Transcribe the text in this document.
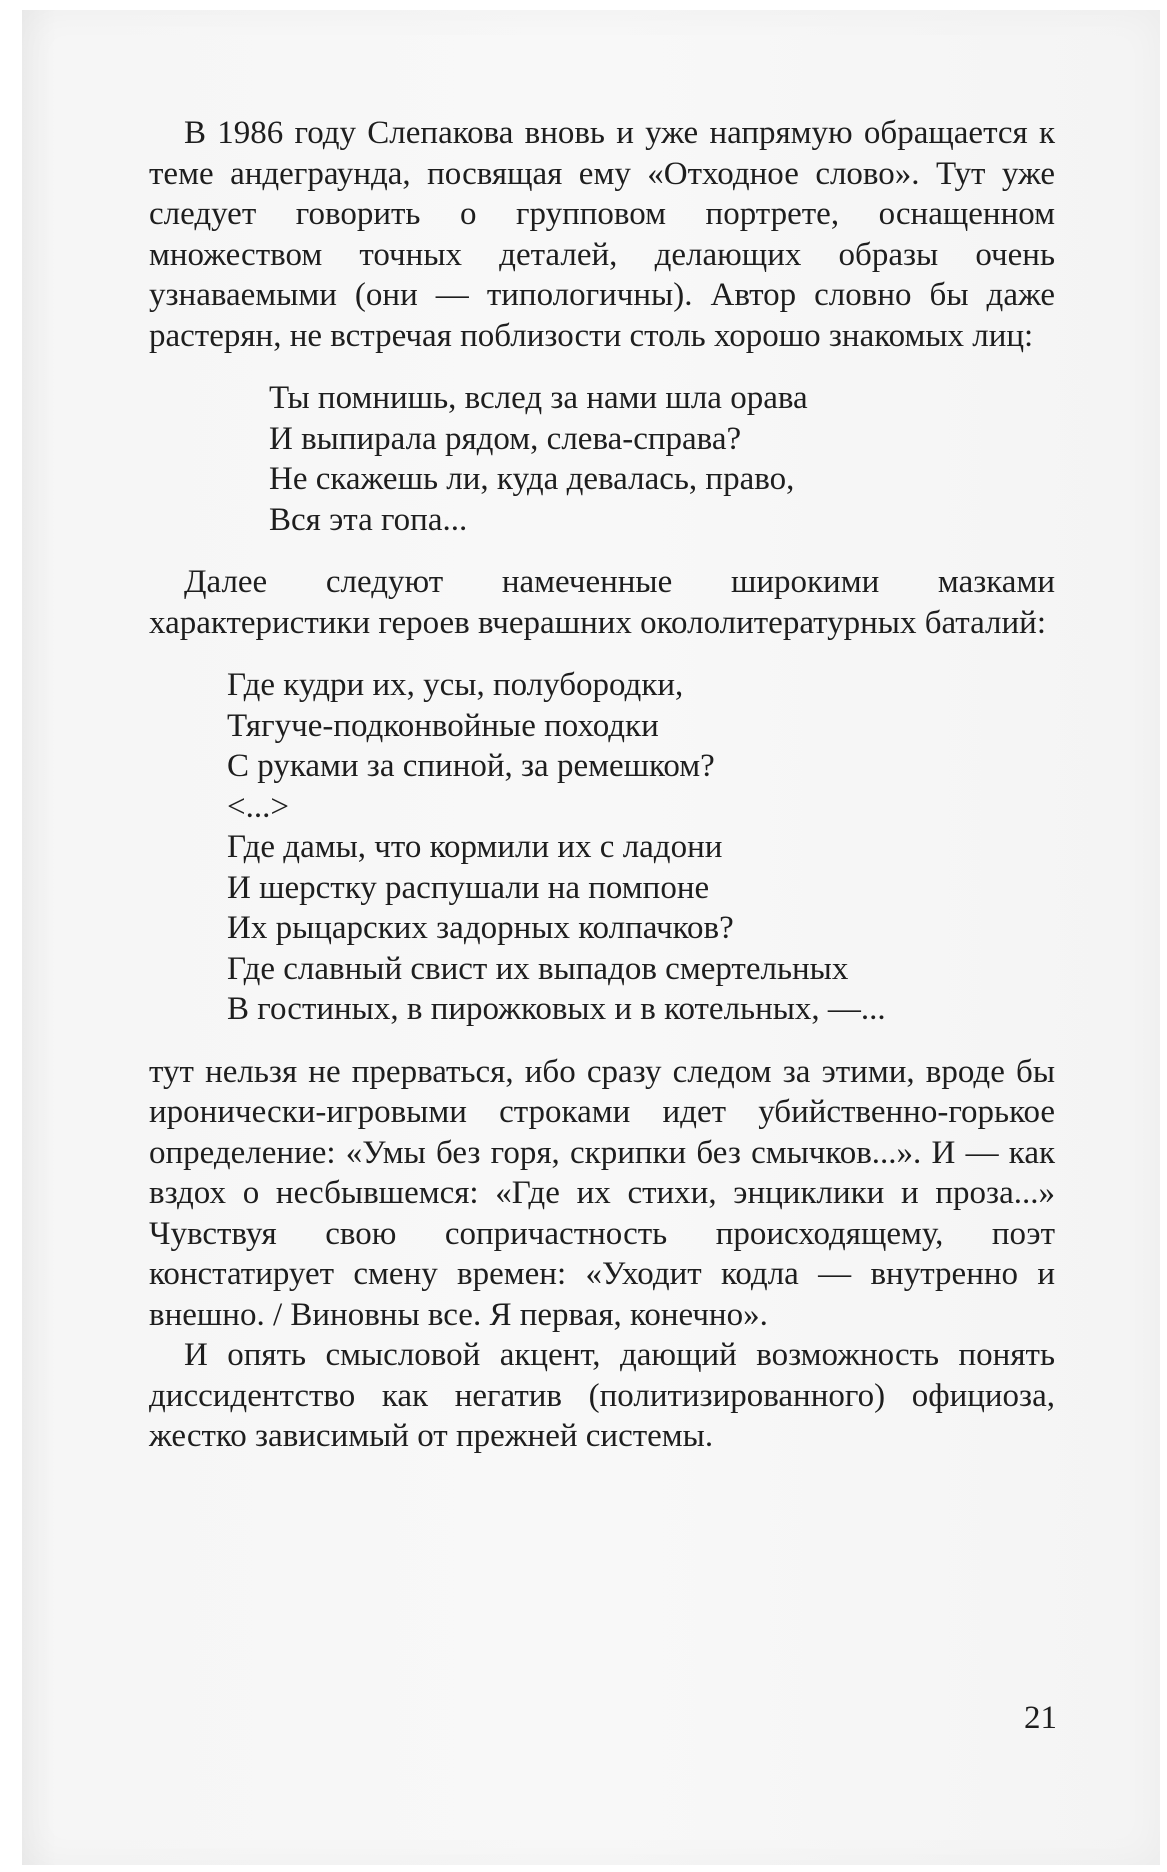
В 1986 году Слепакова вновь и уже напрямую обращается к теме андеграунда, посвящая ему «Отходное слово». Тут уже следует говорить о групповом портрете, оснащенном множеством точных деталей, делающих образы очень узнаваемыми (они — типологичны). Автор словно бы даже растерян, не встречая поблизости столь хорошо знакомых лиц:

Ты помнишь, вслед за нами шла орава
И выпирала рядом, слева-справа?
Не скажешь ли, куда девалась, право,
Вся эта гопа...

Далее следуют намеченные широкими мазками характеристики героев вчерашних окололитературных баталий:

Где кудри их, усы, полубородки,
Тягуче-подконвойные походки
С руками за спиной, за ремешком?
<...>
Где дамы, что кормили их с ладони
И шерстку распушали на помпоне
Их рыцарских задорных колпачков?
Где славный свист их выпадов смертельных
В гостиных, в пирожковых и в котельных, —...

тут нельзя не прерваться, ибо сразу следом за этими, вроде бы иронически-игровыми строками идет убийственно-горькое определение: «Умы без горя, скрипки без смычков...». И — как вздох о несбывшемся: «Где их стихи, энциклики и проза...» Чувствуя свою сопричастность происходящему, поэт констатирует смену времен: «Уходит кодла — внутренно и внешно. / Виновны все. Я первая, конечно».

И опять смысловой акцент, дающий возможность понять диссидентство как негатив (политизированного) официоза, жестко зависимый от прежней системы.

21
